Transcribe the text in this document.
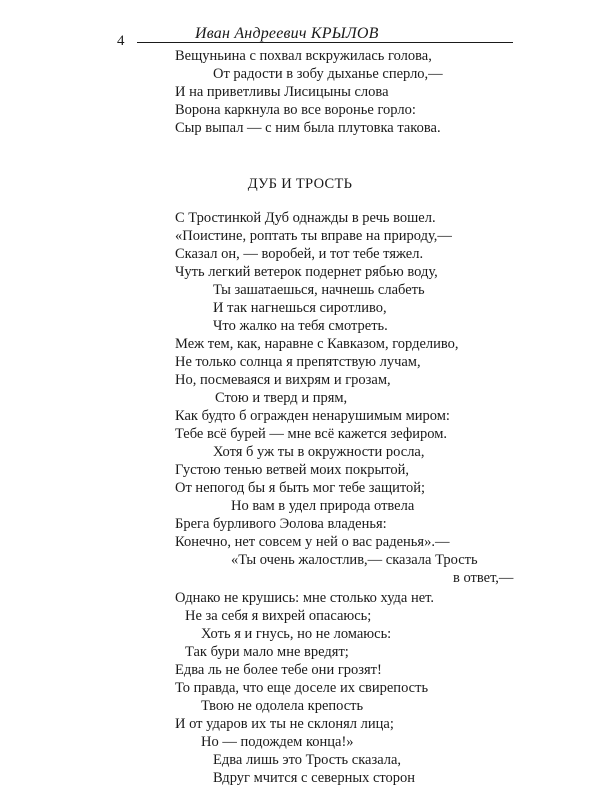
4	Иван Андреевич КРЫЛОВ
Вещуньина с похвал вскружилась голова,
От радости в зобу дыханье сперло,—
И на приветливы Лисицыны слова
Ворона каркнула во все воронье горло:
Сыр выпал — с ним была плутовка такова.
ДУБ И ТРОСТЬ
С Тростинкой Дуб однажды в речь вошел.
«Поистине, роптать ты вправе на природу,—
Сказал он, — воробей, и тот тебе тяжел.
Чуть легкий ветерок подернет рябью воду,
Ты зашатаешься, начнешь слабеть
И так нагнешься сиротливо,
Что жалко на тебя смотреть.
Меж тем, как, наравне с Кавказом, горделиво,
Не только солнца я препятствую лучам,
Но, посмеваяся и вихрям и грозам,
Стою и тверд и прям,
Как будто б огражден ненарушимым миром:
Тебе всё бурей — мне всё кажется зефиром.
Хотя б уж ты в окружности росла,
Густою тенью ветвей моих покрытой,
От непогод бы я быть мог тебе защитой;
Но вам в удел природа отвела
Брега бурливого Эолова владенья:
Конечно, нет совсем у ней о вас раденья».—
«Ты очень жалостлив,— сказала Трость
в ответ,—
Однако не крушись: мне столько худа нет.
Не за себя я вихрей опасаюсь;
Хоть я и гнусь, но не ломаюсь:
Так бури мало мне вредят;
Едва ль не более тебе они грозят!
То правда, что еще доселе их свирепость
Твою не одолела крепость
И от ударов их ты не склонял лица;
Но — подождем конца!»
Едва лишь это Трость сказала,
Вдруг мчится с северных сторон
